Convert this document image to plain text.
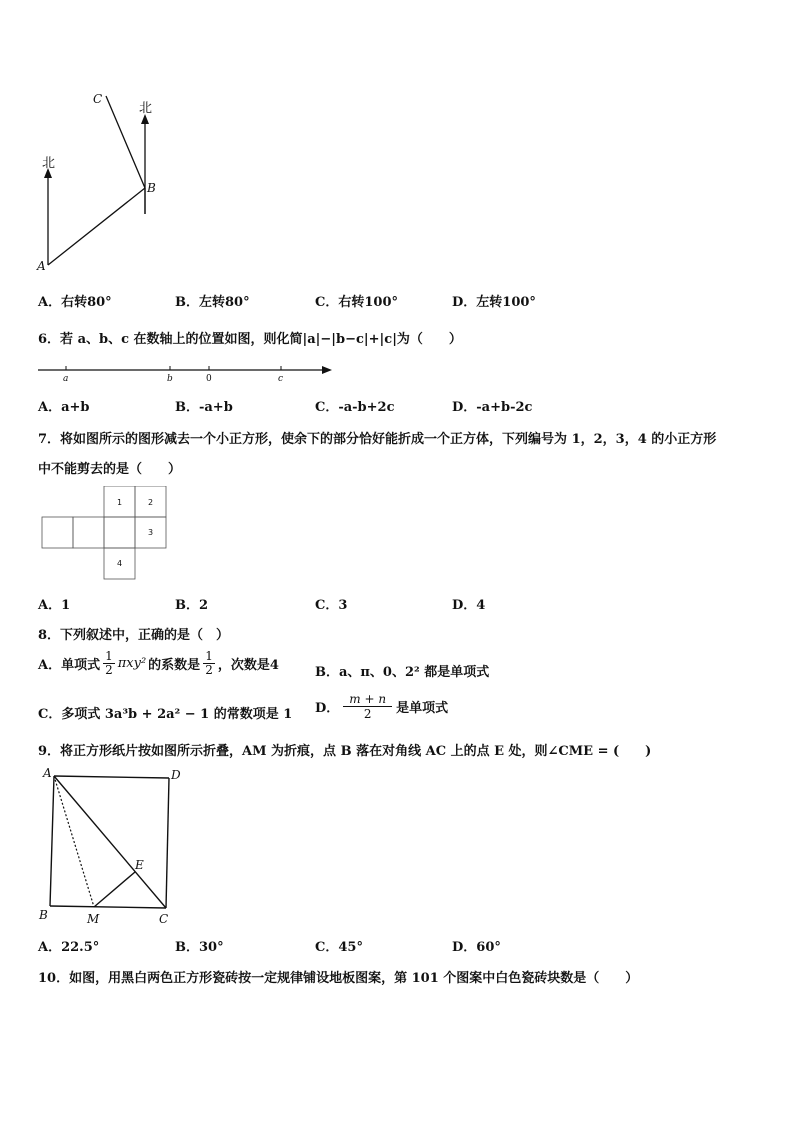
北
北
A
B
C
A．右转80°	B．左转80°	C．右转100°	D．左转100°
6．若 a、b、c 在数轴上的位置如图，则化简|a|−|b−c|+|c|为（　　）
a	b	0	c
A．a+b	B．-a+b	C．-a-b+2c	D．-a+b-2c
7．将如图所示的图形减去一个小正方形，使余下的部分恰好能折成一个正方体，下列编号为 1，2，3，4 的小正方形
中不能剪去的是（　　）
1	2
3
4
A．1	B．2	C．3	D．4
8．下列叙述中，正确的是（　）
A．单项式 $\frac{1}{2} \pi xy^2$ 的系数是 $\frac{1}{2}$ ，次数是4	B．a、π、0、2² 都是单项式
C．多项式 3a³b + 2a² − 1 的常数项是 1 D． $\frac{m + n}{2}$ 是单项式
9．将正方形纸片按如图所示折叠，AM 为折痕，点 B 落在对角线 AC 上的点 E 处，则∠CME = (　　)
A	D
B	C
E
M
A．22.5°	B．30°	C．45°	D．60°
10．如图，用黑白两色正方形瓷砖按一定规律铺设地板图案，第 101 个图案中白色瓷砖块数是（　　）
